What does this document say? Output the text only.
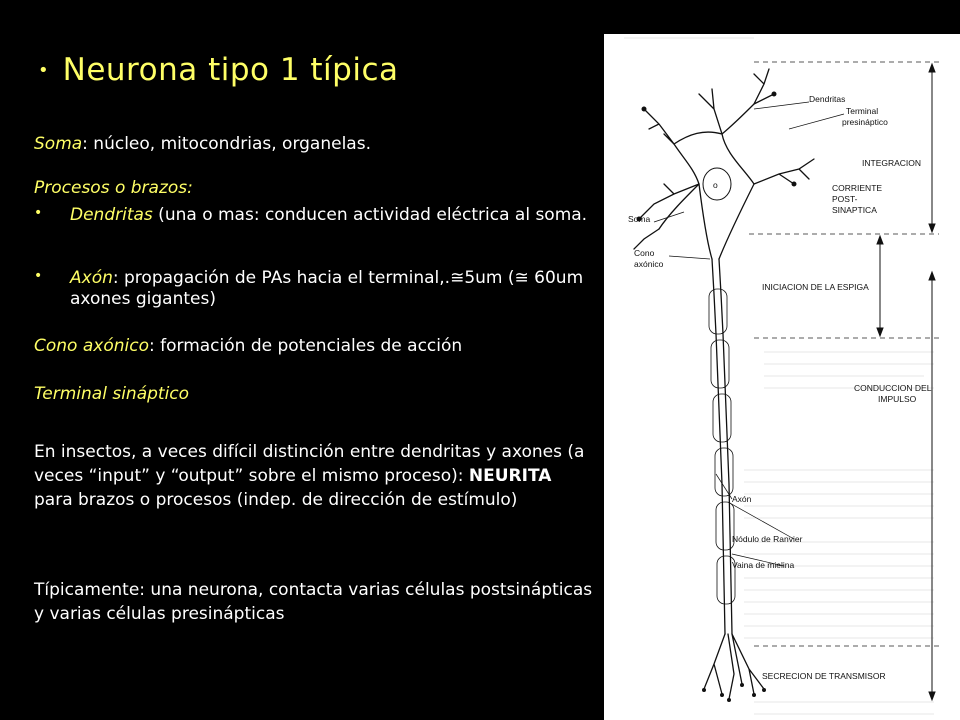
• Neurona tipo 1 típica
Soma: núcleo, mitocondrias, organelas.
Procesos o brazos:
•	Dendritas (una o mas: conducen actividad eléctrica al soma.
•	Axón: propagación de PAs hacia el terminal,.≅5um (≅ 60um axones gigantes)
Cono axónico: formación de potenciales de acción
Terminal sináptico
En insectos, a veces difícil distinción entre dendritas y axones (a veces “input” y “output” sobre el mismo proceso): NEURITA para brazos o procesos (indep. de dirección de estímulo)
Típicamente: una neurona, contacta varias células postsinápticas y varias células presinápticas
o
Dendritas
Terminal
presináptico
INTEGRACION
CORRIENTE
POST-
SINAPTICA
Soma
Cono
axónico
INICIACION DE LA ESPIGA
CONDUCCION DEL
IMPULSO
Axón
Nódulo de Ranvier
Vaina de mielina
SECRECION DE TRANSMISOR
